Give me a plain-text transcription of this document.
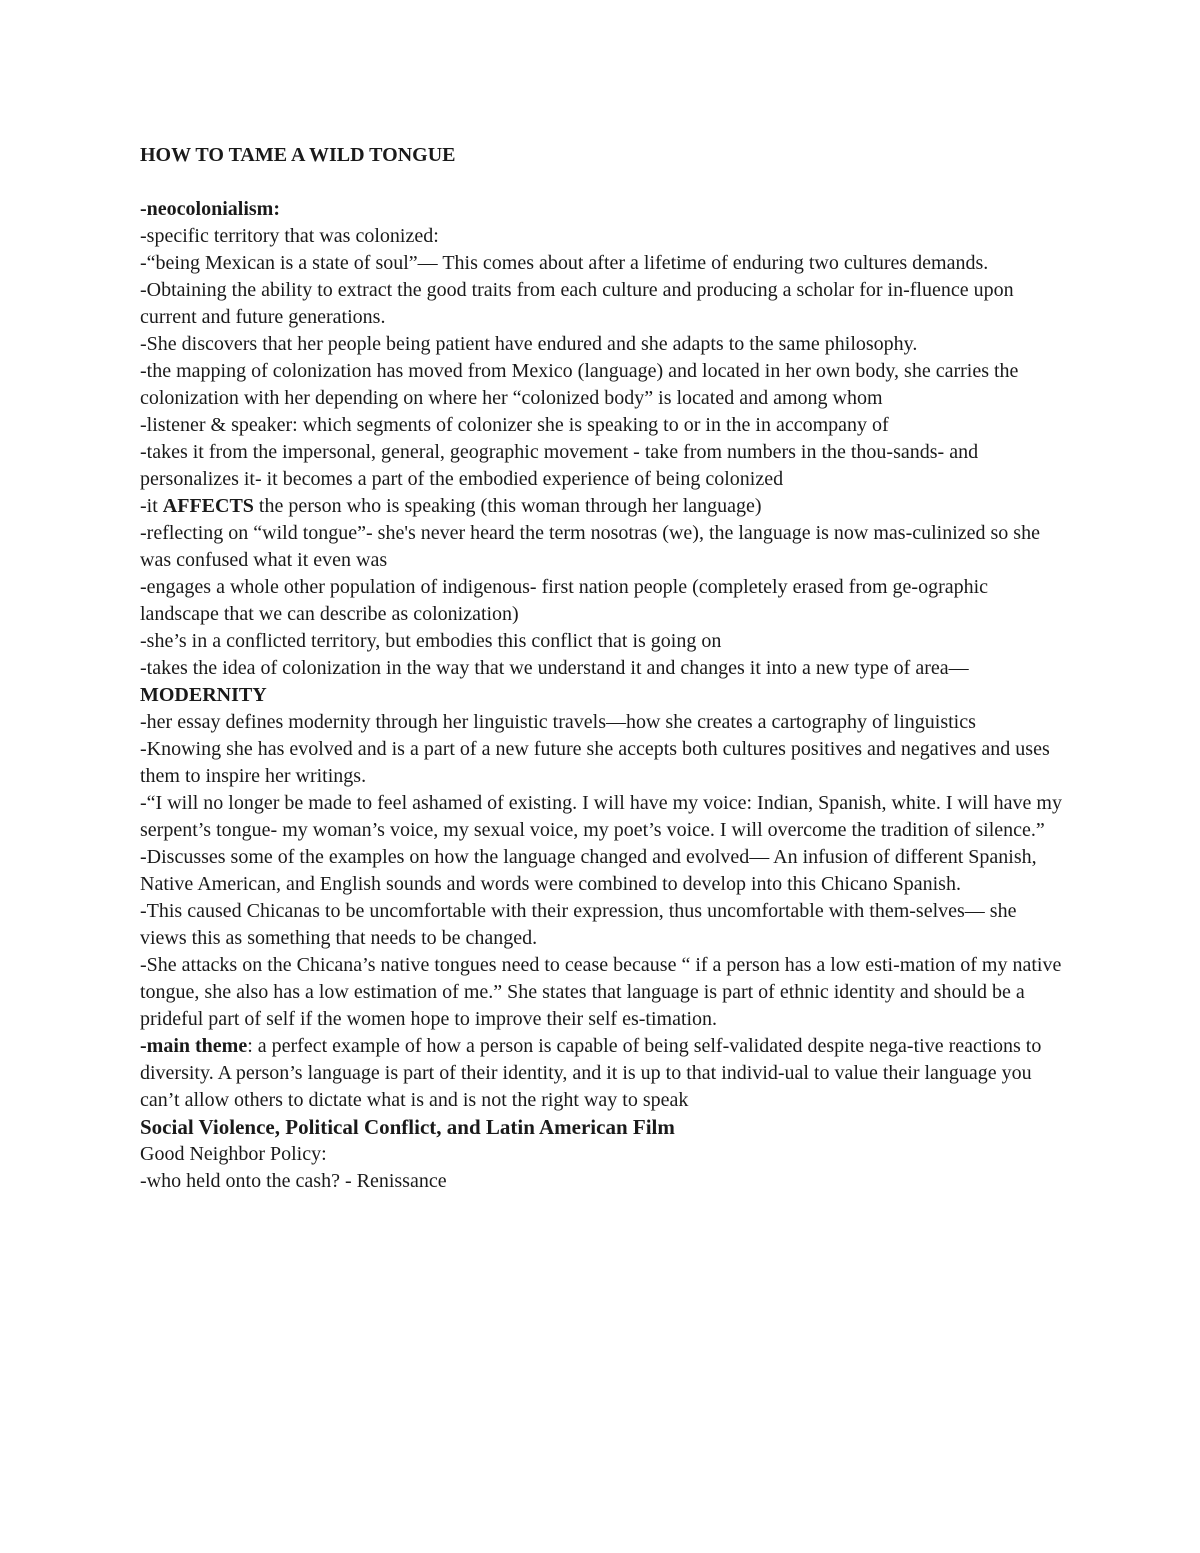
HOW TO TAME A WILD TONGUE
-neocolonialism:
-specific territory that was colonized:
-“being Mexican is a state of soul”— This comes about after a lifetime of enduring two cultures demands.
-Obtaining the ability to extract the good traits from each culture and producing a scholar for in-fluence upon current and future generations.
-She discovers that her people being patient have endured and she adapts to the same philosophy.
-the mapping of colonization has moved from Mexico (language) and located in her own body, she carries the colonization with her depending on where her “colonized body” is located and among whom
-listener & speaker: which segments of colonizer she is speaking to or in the in accompany of
-takes it from the impersonal, general, geographic movement - take from numbers in the thou-sands- and personalizes it- it becomes a part of the embodied experience of being colonized
-it AFFECTS the person who is speaking (this woman through her language)
-reflecting on “wild tongue”- she's never heard the term nosotras (we), the language is now mas-culinized so she was confused what it even was
-engages a whole other population of indigenous- first nation people (completely erased from ge-ographic landscape that we can describe as colonization)
-she’s in a conflicted territory, but embodies this conflict that is going on
-takes the idea of colonization in the way that we understand it and changes it into a new type of area—MODERNITY
-her essay defines modernity through her linguistic travels—how she creates a cartography of linguistics
-Knowing she has evolved and is a part of a new future she accepts both cultures positives and negatives and uses them to inspire her writings.
-“I will no longer be made to feel ashamed of existing. I will have my voice: Indian, Spanish, white. I will have my serpent’s tongue- my woman’s voice, my sexual voice, my poet’s voice. I will overcome the tradition of silence.”
-Discusses some of the examples on how the language changed and evolved— An infusion of different Spanish, Native American, and English sounds and words were combined to develop into this Chicano Spanish.
-This caused Chicanas to be uncomfortable with their expression, thus uncomfortable with them-selves— she views this as something that needs to be changed.
-She attacks on the Chicana’s native tongues need to cease because “ if a person has a low esti-mation of my native tongue, she also has a low estimation of me.” She states that language is part of ethnic identity and should be a prideful part of self if the women hope to improve their self es-timation.
-main theme: a perfect example of how a person is capable of being self-validated despite nega-tive reactions to diversity. A person’s language is part of their identity, and it is up to that individ-ual to value their language you can’t allow others to dictate what is and is not the right way to speak
Social Violence, Political Conflict, and Latin American Film
Good Neighbor Policy:
-who held onto the cash? - Renissance
